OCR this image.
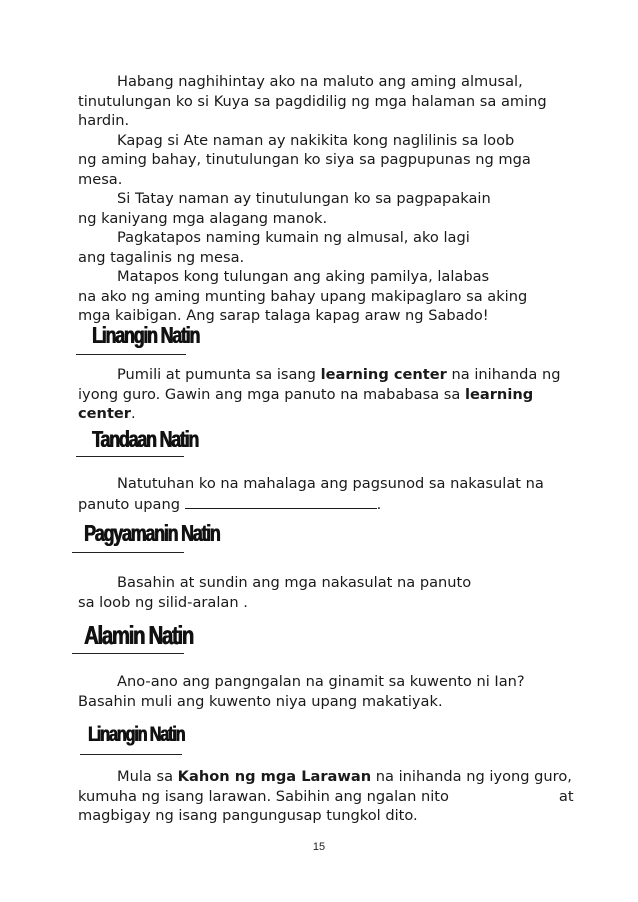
Habang naghihintay ako na maluto ang aming almusal,
tinutulungan ko si Kuya sa pagdidilig ng mga halaman sa aming
hardin.
Kapag si Ate naman ay nakikita kong naglilinis sa loob
ng aming bahay, tinutulungan ko siya sa pagpupunas ng mga
mesa.
Si Tatay naman ay tinutulungan ko sa pagpapakain
ng kaniyang mga alagang manok.
Pagkatapos naming kumain ng almusal, ako lagi
ang tagalinis ng mesa.
Matapos kong tulungan ang aking pamilya, lalabas
na ako ng aming munting bahay upang makipaglaro sa aking
mga kaibigan. Ang sarap talaga kapag araw ng Sabado!
Linangin Natin
Pumili at pumunta sa isang learning center na inihanda ng
iyong guro. Gawin ang mga panuto na mababasa sa learning
center.
Tandaan Natin
Natutuhan ko na mahalaga ang pagsunod sa nakasulat na
panuto upang	.
Pagyamanin Natin
Basahin at sundin ang mga nakasulat na panuto
sa loob ng silid-aralan .
Alamin Natin
Ano-ano ang pangngalan na ginamit sa kuwento ni Ian?
Basahin muli ang kuwento niya upang makatiyak.
Linangin Natin
Mula sa Kahon ng mga Larawan na inihanda ng iyong guro,
kumuha ng isang larawan. Sabihin ang ngalan nito	at
magbigay ng isang pangungusap tungkol dito.
15
